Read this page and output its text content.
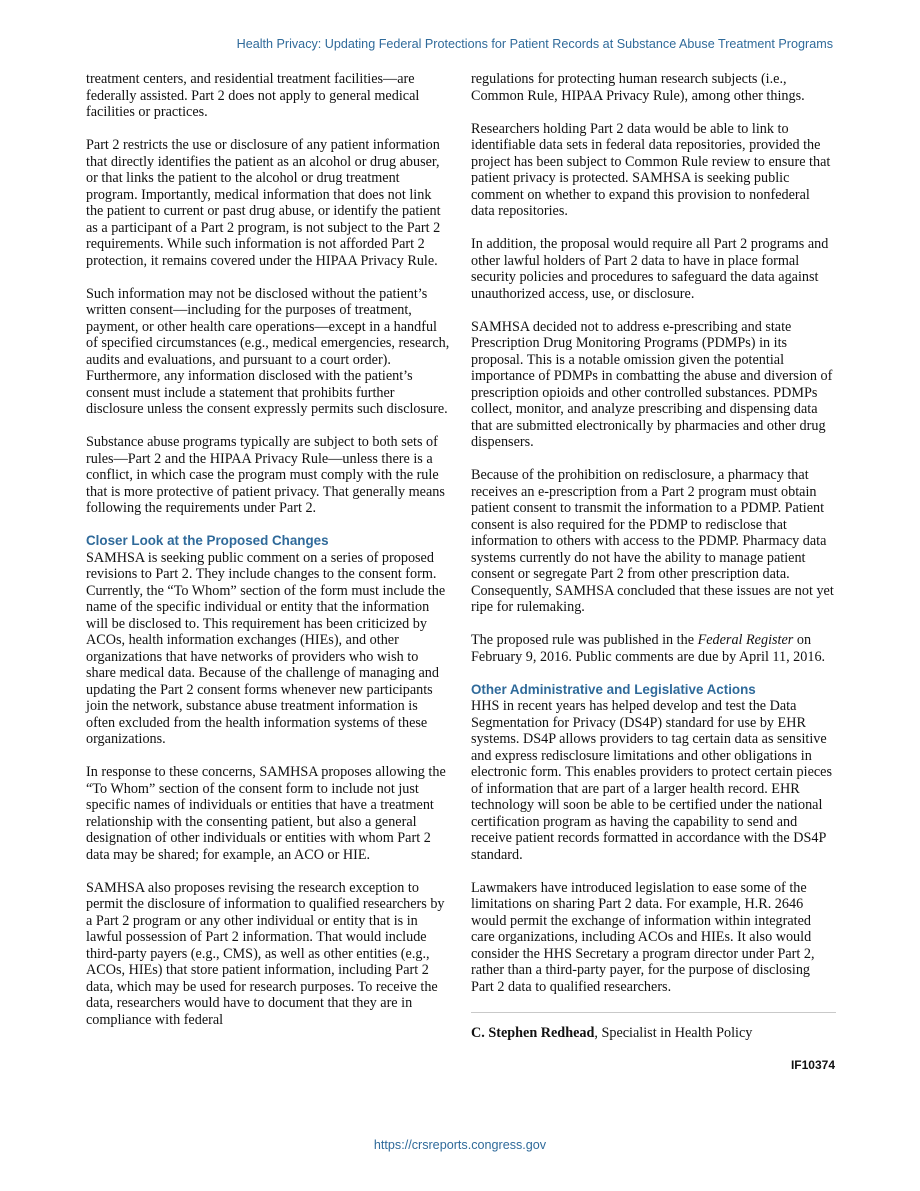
Health Privacy: Updating Federal Protections for Patient Records at Substance Abuse Treatment Programs

treatment centers, and residential treatment facilities—are federally assisted. Part 2 does not apply to general medical facilities or practices.

Part 2 restricts the use or disclosure of any patient information that directly identifies the patient as an alcohol or drug abuser, or that links the patient to the alcohol or drug treatment program. Importantly, medical information that does not link the patient to current or past drug abuse, or identify the patient as a participant of a Part 2 program, is not subject to the Part 2 requirements. While such information is not afforded Part 2 protection, it remains covered under the HIPAA Privacy Rule.

Such information may not be disclosed without the patient’s written consent—including for the purposes of treatment, payment, or other health care operations—except in a handful of specified circumstances (e.g., medical emergencies, research, audits and evaluations, and pursuant to a court order). Furthermore, any information disclosed with the patient’s consent must include a statement that prohibits further disclosure unless the consent expressly permits such disclosure.

Substance abuse programs typically are subject to both sets of rules—Part 2 and the HIPAA Privacy Rule—unless there is a conflict, in which case the program must comply with the rule that is more protective of patient privacy. That generally means following the requirements under Part 2.

Closer Look at the Proposed Changes

SAMHSA is seeking public comment on a series of proposed revisions to Part 2. They include changes to the consent form. Currently, the “To Whom” section of the form must include the name of the specific individual or entity that the information will be disclosed to. This requirement has been criticized by ACOs, health information exchanges (HIEs), and other organizations that have networks of providers who wish to share medical data. Because of the challenge of managing and updating the Part 2 consent forms whenever new participants join the network, substance abuse treatment information is often excluded from the health information systems of these organizations.

In response to these concerns, SAMHSA proposes allowing the “To Whom” section of the consent form to include not just specific names of individuals or entities that have a treatment relationship with the consenting patient, but also a general designation of other individuals or entities with whom Part 2 data may be shared; for example, an ACO or HIE.

SAMHSA also proposes revising the research exception to permit the disclosure of information to qualified researchers by a Part 2 program or any other individual or entity that is in lawful possession of Part 2 information. That would include third-party payers (e.g., CMS), as well as other entities (e.g., ACOs, HIEs) that store patient information, including Part 2 data, which may be used for research purposes. To receive the data, researchers would have to document that they are in compliance with federal

regulations for protecting human research subjects (i.e., Common Rule, HIPAA Privacy Rule), among other things.

Researchers holding Part 2 data would be able to link to identifiable data sets in federal data repositories, provided the project has been subject to Common Rule review to ensure that patient privacy is protected. SAMHSA is seeking public comment on whether to expand this provision to nonfederal data repositories.

In addition, the proposal would require all Part 2 programs and other lawful holders of Part 2 data to have in place formal security policies and procedures to safeguard the data against unauthorized access, use, or disclosure.

SAMHSA decided not to address e-prescribing and state Prescription Drug Monitoring Programs (PDMPs) in its proposal. This is a notable omission given the potential importance of PDMPs in combatting the abuse and diversion of prescription opioids and other controlled substances. PDMPs collect, monitor, and analyze prescribing and dispensing data that are submitted electronically by pharmacies and other drug dispensers.

Because of the prohibition on redisclosure, a pharmacy that receives an e-prescription from a Part 2 program must obtain patient consent to transmit the information to a PDMP. Patient consent is also required for the PDMP to redisclose that information to others with access to the PDMP. Pharmacy data systems currently do not have the ability to manage patient consent or segregate Part 2 from other prescription data. Consequently, SAMHSA concluded that these issues are not yet ripe for rulemaking.

The proposed rule was published in the Federal Register on February 9, 2016. Public comments are due by April 11, 2016.

Other Administrative and Legislative Actions

HHS in recent years has helped develop and test the Data Segmentation for Privacy (DS4P) standard for use by EHR systems. DS4P allows providers to tag certain data as sensitive and express redisclosure limitations and other obligations in electronic form. This enables providers to protect certain pieces of information that are part of a larger health record. EHR technology will soon be able to be certified under the national certification program as having the capability to send and receive patient records formatted in accordance with the DS4P standard.

Lawmakers have introduced legislation to ease some of the limitations on sharing Part 2 data. For example, H.R. 2646 would permit the exchange of information within integrated care organizations, including ACOs and HIEs. It also would consider the HHS Secretary a program director under Part 2, rather than a third-party payer, for the purpose of disclosing Part 2 data to qualified researchers.

C. Stephen Redhead, Specialist in Health Policy

IF10374
https://crsreports.congress.gov
